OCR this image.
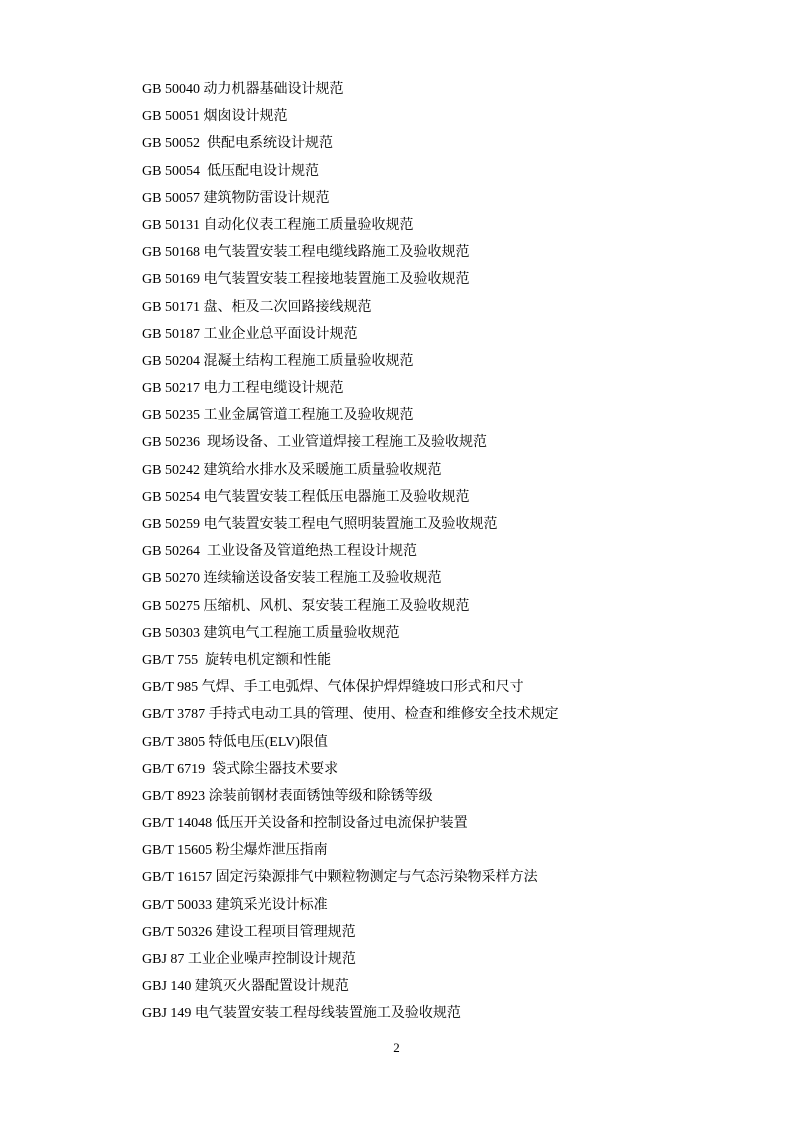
GB 50040 动力机器基础设计规范
GB 50051 烟囱设计规范
GB 50052  供配电系统设计规范
GB 50054  低压配电设计规范
GB 50057 建筑物防雷设计规范
GB 50131 自动化仪表工程施工质量验收规范
GB 50168 电气装置安装工程电缆线路施工及验收规范
GB 50169 电气装置安装工程接地装置施工及验收规范
GB 50171 盘、柜及二次回路接线规范
GB 50187 工业企业总平面设计规范
GB 50204 混凝土结构工程施工质量验收规范
GB 50217 电力工程电缆设计规范
GB 50235 工业金属管道工程施工及验收规范
GB 50236  现场设备、工业管道焊接工程施工及验收规范
GB 50242 建筑给水排水及采暖施工质量验收规范
GB 50254 电气装置安装工程低压电器施工及验收规范
GB 50259 电气装置安装工程电气照明装置施工及验收规范
GB 50264  工业设备及管道绝热工程设计规范
GB 50270 连续输送设备安装工程施工及验收规范
GB 50275 压缩机、风机、泵安装工程施工及验收规范
GB 50303 建筑电气工程施工质量验收规范
GB/T 755  旋转电机定额和性能
GB/T 985 气焊、手工电弧焊、气体保护焊焊缝坡口形式和尺寸
GB/T 3787 手持式电动工具的管理、使用、检查和维修安全技术规定
GB/T 3805 特低电压(ELV)限值
GB/T 6719  袋式除尘器技术要求
GB/T 8923 涂装前钢材表面锈蚀等级和除锈等级
GB/T 14048 低压开关设备和控制设备过电流保护装置
GB/T 15605 粉尘爆炸泄压指南
GB/T 16157 固定污染源排气中颗粒物测定与气态污染物采样方法
GB/T 50033 建筑采光设计标准
GB/T 50326 建设工程项目管理规范
GBJ 87 工业企业噪声控制设计规范
GBJ 140 建筑灭火器配置设计规范
GBJ 149 电气装置安装工程母线装置施工及验收规范
2
